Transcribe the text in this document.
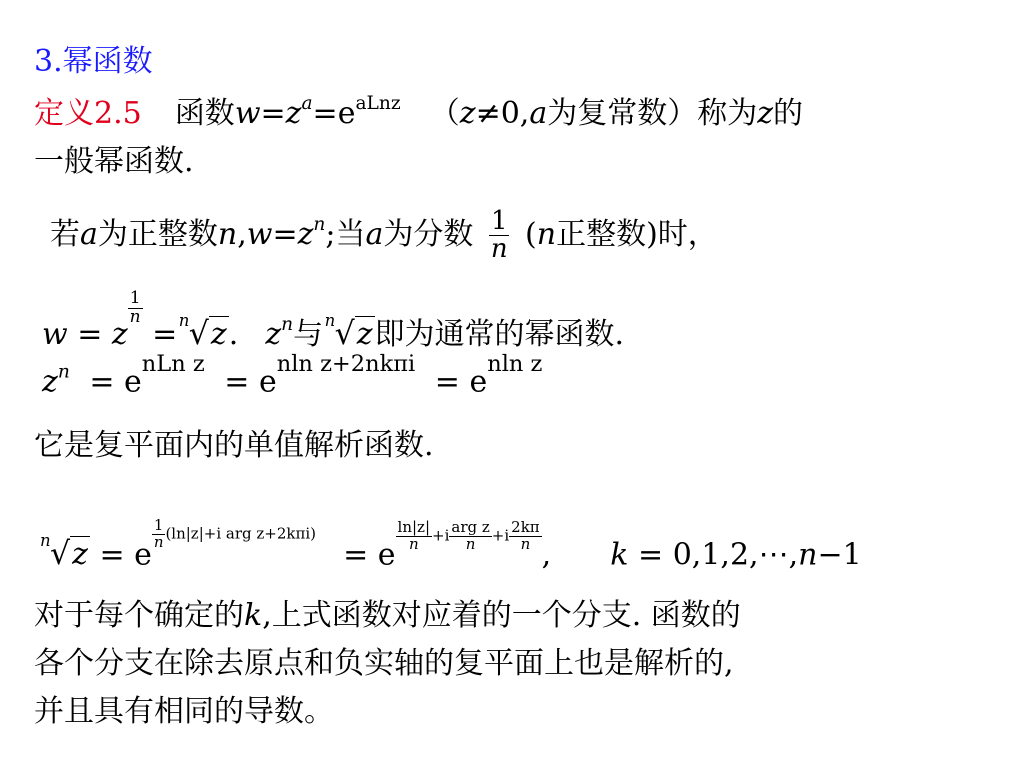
3.幂函数
定义2.5 函数$w=z^a=e^{aLnz}$ （z≠0,a为复常数）称为z的
一般幂函数.
若a为正整数$n,w=z^n$;当a为分数 $\frac{1}{n} (n$正整数)时，
w = z
$\frac{1}{n}$
= n √z. $z^n$与 n √z即为通常的幂函数.
$z^n = e^{nLn z} = e^{nln z+2nk\pi i} = e^{nln z}$
它是复平面内的单值解析函数.
n √z = e
$\frac{1}{n} (\ln|z|+i$ arg z+2kπi)  = e
$\frac{\ln|z|}{n} +i \frac{\text{arg z}}{n} +i \frac{2k\pi}{n}$
, k = 0,1,2,⋯,n−1
对于每个确定的k,上式函数对应着的一个分支. 函数的
各个分支在除去原点和负实轴的复平面上也是解析的,
并且具有相同的导数。
